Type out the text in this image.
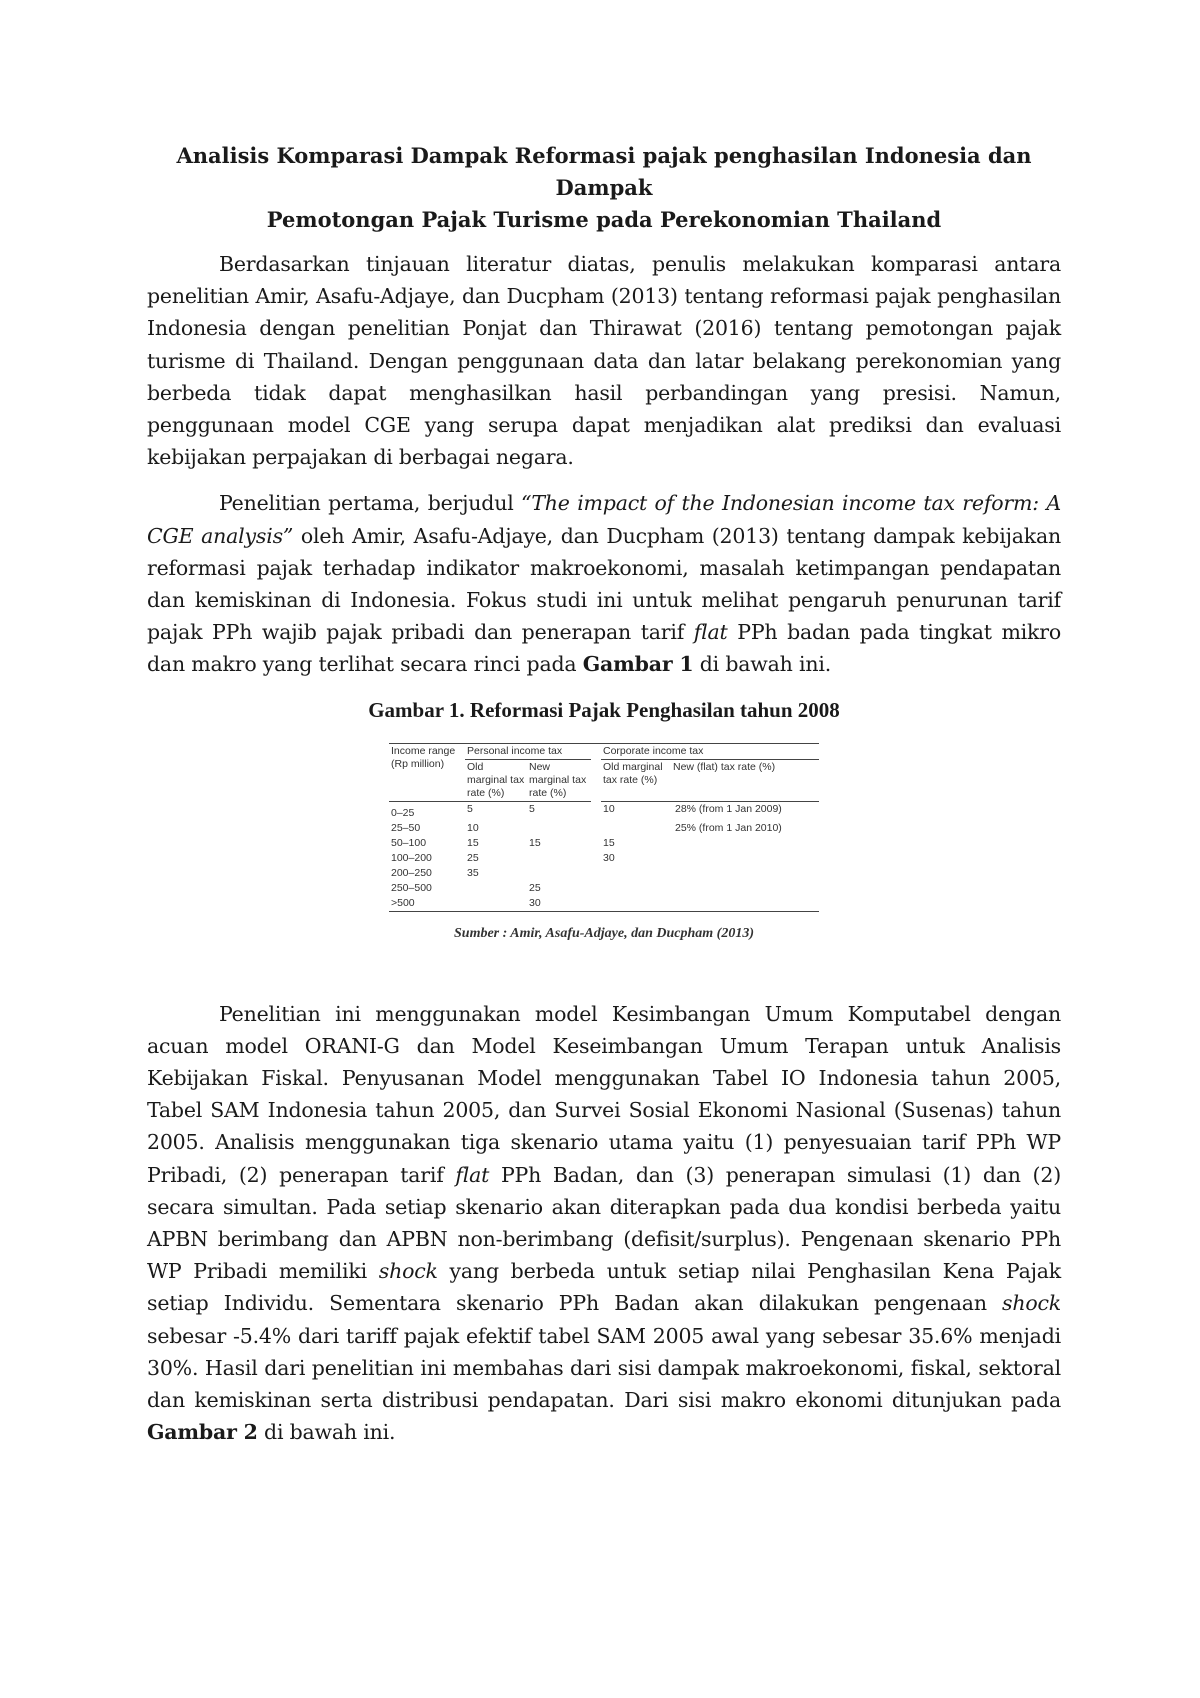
Analisis Komparasi Dampak Reformasi pajak penghasilan Indonesia dan Dampak
Pemotongan Pajak Turisme pada Perekonomian Thailand

Berdasarkan tinjauan literatur diatas, penulis melakukan komparasi antara penelitian Amir, Asafu-Adjaye, dan Ducpham (2013) tentang reformasi pajak penghasilan Indonesia dengan penelitian Ponjat dan Thirawat (2016) tentang pemotongan pajak turisme di Thailand. Dengan penggunaan data dan latar belakang perekonomian yang berbeda tidak dapat menghasilkan hasil perbandingan yang presisi. Namun, penggunaan model CGE yang serupa dapat menjadikan alat prediksi dan evaluasi kebijakan perpajakan di berbagai negara.

Penelitian pertama, berjudul “The impact of the Indonesian income tax reform: A CGE analysis” oleh Amir, Asafu-Adjaye, dan Ducpham (2013) tentang dampak kebijakan reformasi pajak terhadap indikator makroekonomi, masalah ketimpangan pendapatan dan kemiskinan di Indonesia. Fokus studi ini untuk melihat pengaruh penurunan tarif pajak PPh wajib pajak pribadi dan penerapan tarif flat PPh badan pada tingkat mikro dan makro yang terlihat secara rinci pada Gambar 1 di bawah ini.

Gambar 1. Reformasi Pajak Penghasilan tahun 2008
Income range (Rp million)	Personal income tax			Corporate income tax	
	Old marginal tax rate (%)	New marginal tax rate (%)		Old marginal tax rate (%)	New (flat) tax rate (%)
0–25	5	5		10	28% (from 1 Jan 2009)
25–50	10				25% (from 1 Jan 2010)
50–100	15	15		15	
100–200	25			30	
200–250	35				
250–500		25			
>500		30			
Sumber : Amir, Asafu-Adjaye, dan Ducpham (2013)

Penelitian ini menggunakan model Kesimbangan Umum Komputabel dengan acuan model ORANI-G dan Model Keseimbangan Umum Terapan untuk Analisis Kebijakan Fiskal. Penyusanan Model menggunakan Tabel IO Indonesia tahun 2005, Tabel SAM Indonesia tahun 2005, dan Survei Sosial Ekonomi Nasional (Susenas) tahun 2005. Analisis menggunakan tiga skenario utama yaitu (1) penyesuaian tarif PPh WP Pribadi, (2) penerapan tarif flat PPh Badan, dan (3) penerapan simulasi (1) dan (2) secara simultan. Pada setiap skenario akan diterapkan pada dua kondisi berbeda yaitu APBN berimbang dan APBN non-berimbang (defisit/surplus). Pengenaan skenario PPh WP Pribadi memiliki shock yang berbeda untuk setiap nilai Penghasilan Kena Pajak setiap Individu. Sementara skenario PPh Badan akan dilakukan pengenaan shock sebesar -5.4% dari tariff pajak efektif tabel SAM 2005 awal yang sebesar 35.6% menjadi 30%. Hasil dari penelitian ini membahas dari sisi dampak makroekonomi, fiskal, sektoral dan kemiskinan serta distribusi pendapatan. Dari sisi makro ekonomi ditunjukan pada Gambar 2 di bawah ini.
